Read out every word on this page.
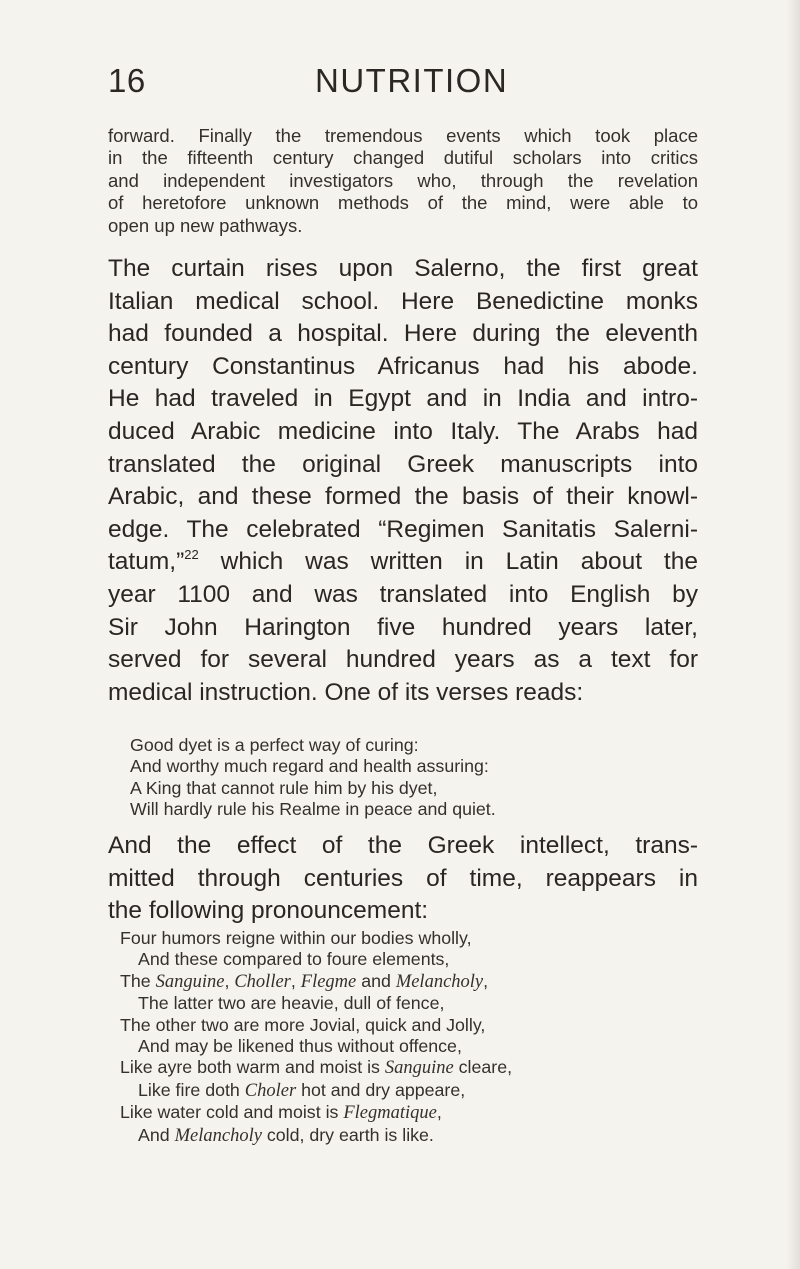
16	NUTRITION
forward. Finally the tremendous events which took place
in the fifteenth century changed dutiful scholars into critics
and independent investigators who, through the revelation
of heretofore unknown methods of the mind, were able to
open up new pathways.
The curtain rises upon Salerno, the first great
Italian medical school. Here Benedictine monks
had founded a hospital. Here during the eleventh
century Constantinus Africanus had his abode.
He had traveled in Egypt and in India and intro-
duced Arabic medicine into Italy. The Arabs had
translated the original Greek manuscripts into
Arabic, and these formed the basis of their knowl-
edge. The celebrated “Regimen Sanitatis Salerni-
tatum,”$^{22}$ which was written in Latin about the
year 1100 and was translated into English by
Sir John Harington five hundred years later,
served for several hundred years as a text for
medical instruction. One of its verses reads:
Good dyet is a perfect way of curing:
And worthy much regard and health assuring:
A King that cannot rule him by his dyet,
Will hardly rule his Realme in peace and quiet.
And the effect of the Greek intellect, trans-
mitted through centuries of time, reappears in
the following pronouncement:
Four humors reigne within our bodies wholly,
And these compared to foure elements,
The Sanguine, Choller, Flegme and Melancholy,
The latter two are heavie, dull of fence,
The other two are more Jovial, quick and Jolly,
And may be likened thus without offence,
Like ayre both warm and moist is Sanguine cleare,
Like fire doth Choler hot and dry appeare,
Like water cold and moist is Flegmatique,
And Melancholy cold, dry earth is like.
